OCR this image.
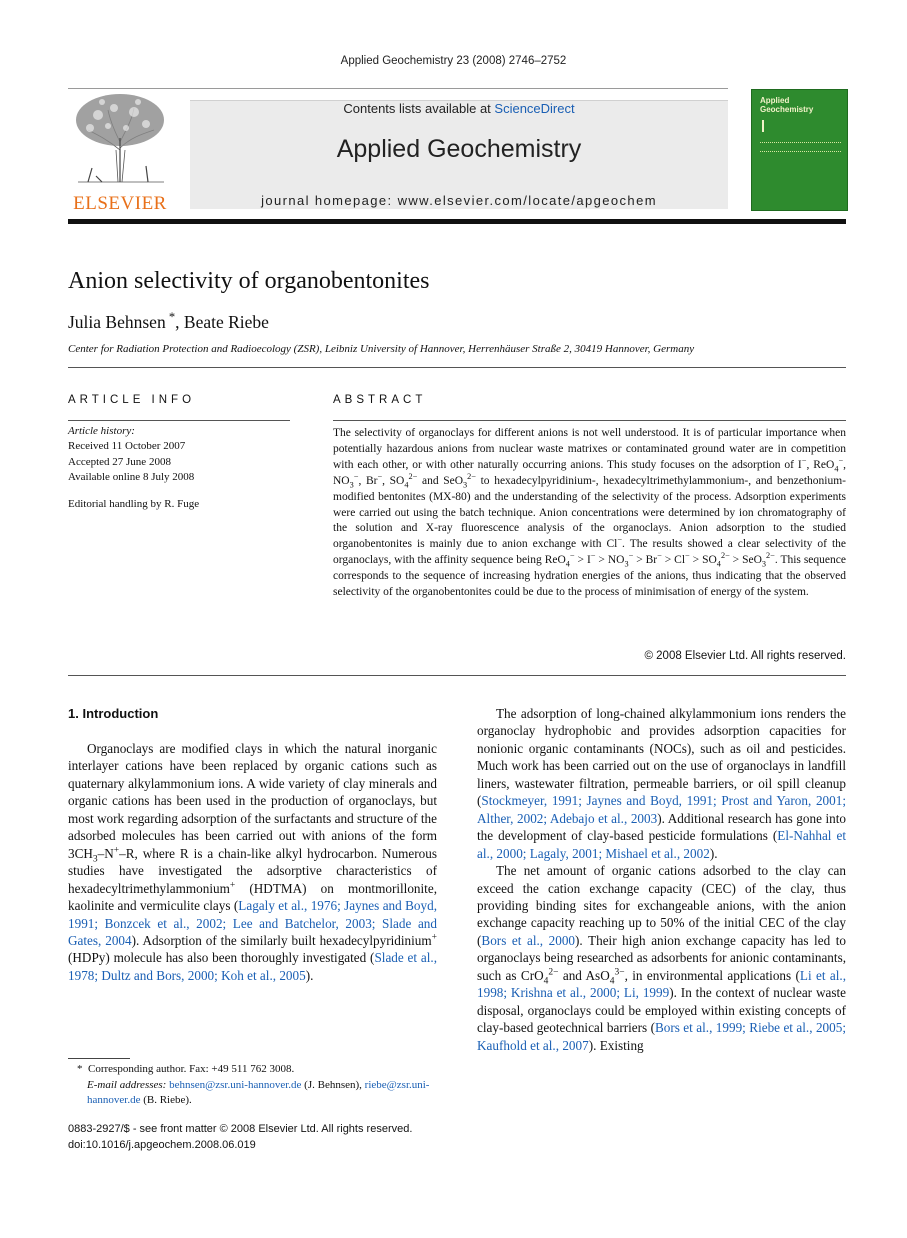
Applied Geochemistry 23 (2008) 2746–2752
ELSEVIER
Contents lists available at ScienceDirect
Applied Geochemistry
journal homepage: www.elsevier.com/locate/apgeochem
Applied Geochemistry
Anion selectivity of organobentonites
Julia Behnsen *, Beate Riebe
Center for Radiation Protection and Radioecology (ZSR), Leibniz University of Hannover, Herrenhäuser Straße 2, 30419 Hannover, Germany
ARTICLE INFO
Article history:
Received 11 October 2007
Accepted 27 June 2008
Available online 8 July 2008
Editorial handling by R. Fuge
ABSTRACT
The selectivity of organoclays for different anions is not well understood. It is of particular importance when potentially hazardous anions from nuclear waste matrixes or contaminated ground water are in competition with each other, or with other naturally occurring anions. This study focuses on the adsorption of I−, ReO$_4$−, $NO_3^-$, Br−, $SO_4^{2-}$ and SeO$_3^{2-}$ to hexadecylpyridinium-, hexadecyltrimethylammonium-, and benzethonium-modified bentonites (MX-80) and the understanding of the selectivity of the process. Adsorption experiments were carried out using the batch technique. Anion concentrations were determined by ion chromatography of the solution and X-ray fluorescence analysis of the organoclays. Anion adsorption to the studied organobentonites is mainly due to anion exchange with Cl−. The results showed a clear selectivity of the organoclays, with the affinity sequence being $ReO_4^- > I^- > NO_3^- > Br^- > Cl^- > SO_4^{2-} > SeO_3^{2-}$. This sequence corresponds to the sequence of increasing hydration energies of the anions, thus indicating that the observed selectivity of the organobentonites could be due to the process of minimisation of energy of the system.
© 2008 Elsevier Ltd. All rights reserved.
1. Introduction

Organoclays are modified clays in which the natural inorganic interlayer cations have been replaced by organic cations such as quaternary alkylammonium ions. A wide variety of clay minerals and organic cations has been used in the production of organoclays, but most work regarding adsorption of the surfactants and structure of the adsorbed molecules has been carried out with anions of the form $3CH_3-N^+-R$, where R is a chain-like alkyl hydrocarbon. Numerous studies have investigated the adsorptive characteristics of hexadecyltrimethylammonium+ (HDTMA) on montmorillonite, kaolinite and vermiculite clays (Lagaly et al., 1976; Jaynes and Boyd, 1991; Bonzcek et al., 2002; Lee and Batchelor, 2003; Slade and Gates, 2004). Adsorption of the similarly built hexadecylpyridinium+ (HDPy) molecule has also been thoroughly investigated (Slade et al., 1978; Dultz and Bors, 2000; Koh et al., 2005).

The adsorption of long-chained alkylammonium ions renders the organoclay hydrophobic and provides adsorption capacities for nonionic organic contaminants (NOCs), such as oil and pesticides. Much work has been carried out on the use of organoclays in landfill liners, wastewater filtration, permeable barriers, or oil spill cleanup (Stockmeyer, 1991; Jaynes and Boyd, 1991; Prost and Yaron, 2001; Alther, 2002; Adebajo et al., 2003). Additional research has gone into the development of clay-based pesticide formulations (El-Nahhal et al., 2000; Lagaly, 2001; Mishael et al., 2002).

The net amount of organic cations adsorbed to the clay can exceed the cation exchange capacity (CEC) of the clay, thus providing binding sites for exchangeable anions, with the anion exchange capacity reaching up to 50% of the initial CEC of the clay (Bors et al., 2000). Their high anion exchange capacity has led to organoclays being researched as adsorbents for anionic contaminants, such as CrO$_4^{2-}$ and AsO$_4^{3-}$, in environmental applications (Li et al., 1998; Krishna et al., 2000; Li, 1999). In the context of nuclear waste disposal, organoclays could be employed within existing concepts of clay-based geotechnical barriers (Bors et al., 1999; Riebe et al., 2005; Kaufhold et al., 2007). Existing

*  Corresponding author. Fax: +49 511 762 3008.
E-mail addresses: behnsen@zsr.uni-hannover.de (J. Behnsen), riebe@zsr.uni-hannover.de (B. Riebe).
0883-2927/$ - see front matter © 2008 Elsevier Ltd. All rights reserved.
doi:10.1016/j.apgeochem.2008.06.019
